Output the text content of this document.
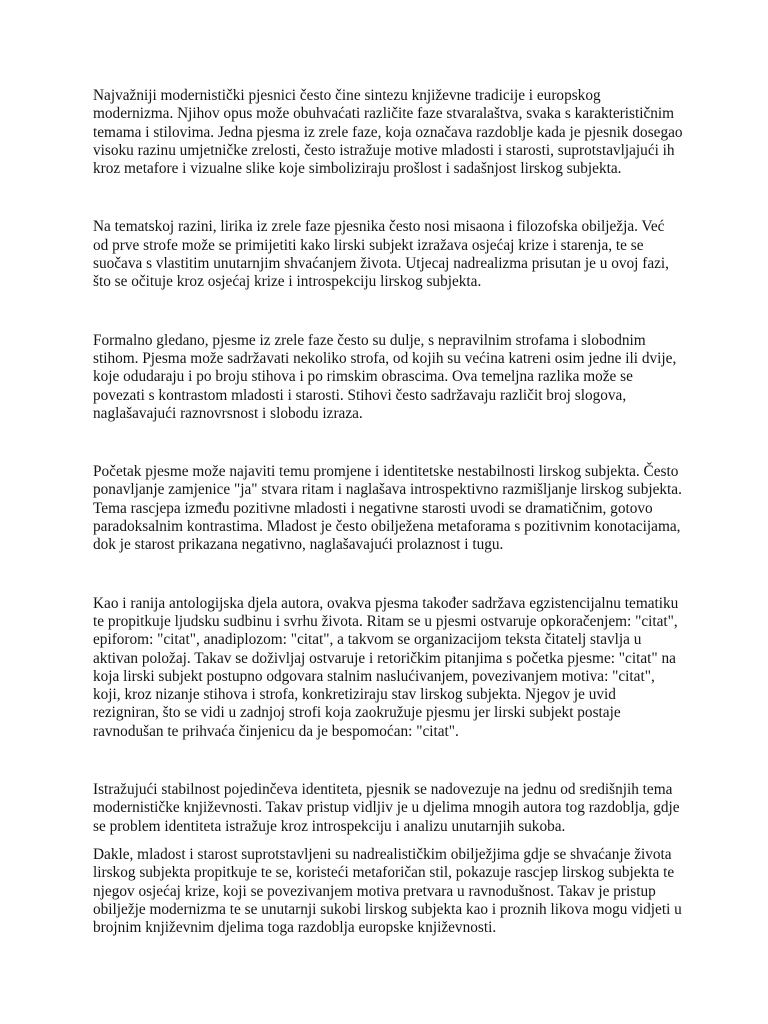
Najvažniji modernistički pjesnici često čine sintezu književne tradicije i europskog modernizma. Njihov opus može obuhvaćati različite faze stvaralaštva, svaka s karakterističnim temama i stilovima. Jedna pjesma iz zrele faze, koja označava razdoblje kada je pjesnik dosegao visoku razinu umjetničke zrelosti, često istražuje motive mladosti i starosti, suprotstavljajući ih kroz metafore i vizualne slike koje simboliziraju prošlost i sadašnjost lirskog subjekta.

Na tematskoj razini, lirika iz zrele faze pjesnika često nosi misaona i filozofska obilježja. Već od prve strofe može se primijetiti kako lirski subjekt izražava osjećaj krize i starenja, te se suočava s vlastitim unutarnjim shvaćanjem života. Utjecaj nadrealizma prisutan je u ovoj fazi, što se očituje kroz osjećaj krize i introspekciju lirskog subjekta.

Formalno gledano, pjesme iz zrele faze često su dulje, s nepravilnim strofama i slobodnim stihom. Pjesma može sadržavati nekoliko strofa, od kojih su većina katreni osim jedne ili dvije, koje odudaraju i po broju stihova i po rimskim obrascima. Ova temeljna razlika može se povezati s kontrastom mladosti i starosti. Stihovi često sadržavaju različit broj slogova, naglašavajući raznovrsnost i slobodu izraza.

Početak pjesme može najaviti temu promjene i identitetske nestabilnosti lirskog subjekta. Često ponavljanje zamjenice "ja" stvara ritam i naglašava introspektivno razmišljanje lirskog subjekta. Tema rascjepa između pozitivne mladosti i negativne starosti uvodi se dramatičnim, gotovo paradoksalnim kontrastima. Mladost je često obilježena metaforama s pozitivnim konotacijama, dok je starost prikazana negativno, naglašavajući prolaznost i tugu.

Kao i ranija antologijska djela autora, ovakva pjesma također sadržava egzistencijalnu tematiku te propitkuje ljudsku sudbinu i svrhu života. Ritam se u pjesmi ostvaruje opkoračenjem: "citat", epiforom: "citat", anadiplozom: "citat", a takvom se organizacijom teksta čitatelj stavlja u aktivan položaj. Takav se doživljaj ostvaruje i retoričkim pitanjima s početka pjesme: "citat" na koja lirski subjekt postupno odgovara stalnim naslućivanjem, povezivanjem motiva: "citat", koji, kroz nizanje stihova i strofa, konkretiziraju stav lirskog subjekta. Njegov je uvid rezigniran, što se vidi u zadnjoj strofi koja zaokružuje pjesmu jer lirski subjekt postaje ravnodušan te prihvaća činjenicu da je bespomoćan: "citat".

Istražujući stabilnost pojedinčeva identiteta, pjesnik se nadovezuje na jednu od središnjih tema modernističke književnosti. Takav pristup vidljiv je u djelima mnogih autora tog razdoblja, gdje se problem identiteta istražuje kroz introspekciju i analizu unutarnjih sukoba.

Dakle, mladost i starost suprotstavljeni su nadrealističkim obilježjima gdje se shvaćanje života lirskog subjekta propitkuje te se, koristeći metaforičan stil, pokazuje rascjep lirskog subjekta te njegov osjećaj krize, koji se povezivanjem motiva pretvara u ravnodušnost. Takav je pristup obilježje modernizma te se unutarnji sukobi lirskog subjekta kao i proznih likova mogu vidjeti u brojnim književnim djelima toga razdoblja europske književnosti.
